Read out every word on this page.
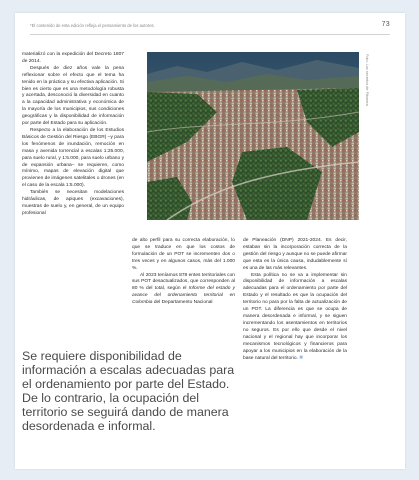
*El contenido de esta edición refleja el pensamiento de los autores.	73

materializó con la expedición del Decreto 1807 de 2014.

Después de diez años vale la pena reflexionar sobre el efecto que el tema ha tenido en la práctica y su efectiva aplicación. Si bien es cierto que es una metodología robusta y acertada, desconoció la diversidad en cuanto a la capacidad administrativa y económica de la mayoría de los municipios, sus condiciones geográficas y la disponibilidad de información por parte del Estado para su aplicación.

Respecto a la elaboración de los Estudios Básicos de Gestión del Riesgo (EBGR) –y para los fenómenos de inundación, remoción en masa y avenida torrencial a escalas 1:25.000, para suelo rural, y 1:5.000, para suelo urbano y de expansión urbana– se requieren, como mínimo, mapas de elevación digital que provienen de imágenes satelitales o drones (en el caso de la escala 1:5.000).

También se necesitan modelaciones hidráulicas, de apiques (excavaciones), muestras de suelo y, en general, de un equipo profesional

Foto: Los secretos de Pitonera

de alto perfil para su correcta elaboración, lo que se traduce en que los costos de formulación de un POT se incrementen dos o tres veces y en algunos casos, más del 1.000 %.

Al 2023 teníamos 878 entes territoriales con sus POT desactualizados, que corresponden al 80 % del total, según el Informe del estado y avance del ordenamiento territorial en Colombia del Departamento Nacional

de Planeación (DNP) 2021-2024. Es decir, estaban sin la incorporación correcta de la gestión del riesgo y aunque no se puede afirmar que esta es la única causa, indudablemente sí es una de las más relevantes.

Esta política no se va a implementar sin disponibilidad de información a escalas adecuadas para el ordenamiento por parte del Estado y el resultado es que la ocupación del territorio no para por la falta de actualización de un POT. La diferencia es que se ocupa de manera desordenada e informal, y se siguen incrementando los asentamientos en territorios no seguros. Es por ello que desde el nivel nacional y el regional hay que incorporar los mecanismos tecnológicos y financieros para apoyar a los municipios en la elaboración de la base natural del territorio. ■

Se requiere disponibilidad de información a escalas adecuadas para el ordenamiento por parte del Estado. De lo contrario, la ocupación del territorio se seguirá dando de manera desordenada e informal.
